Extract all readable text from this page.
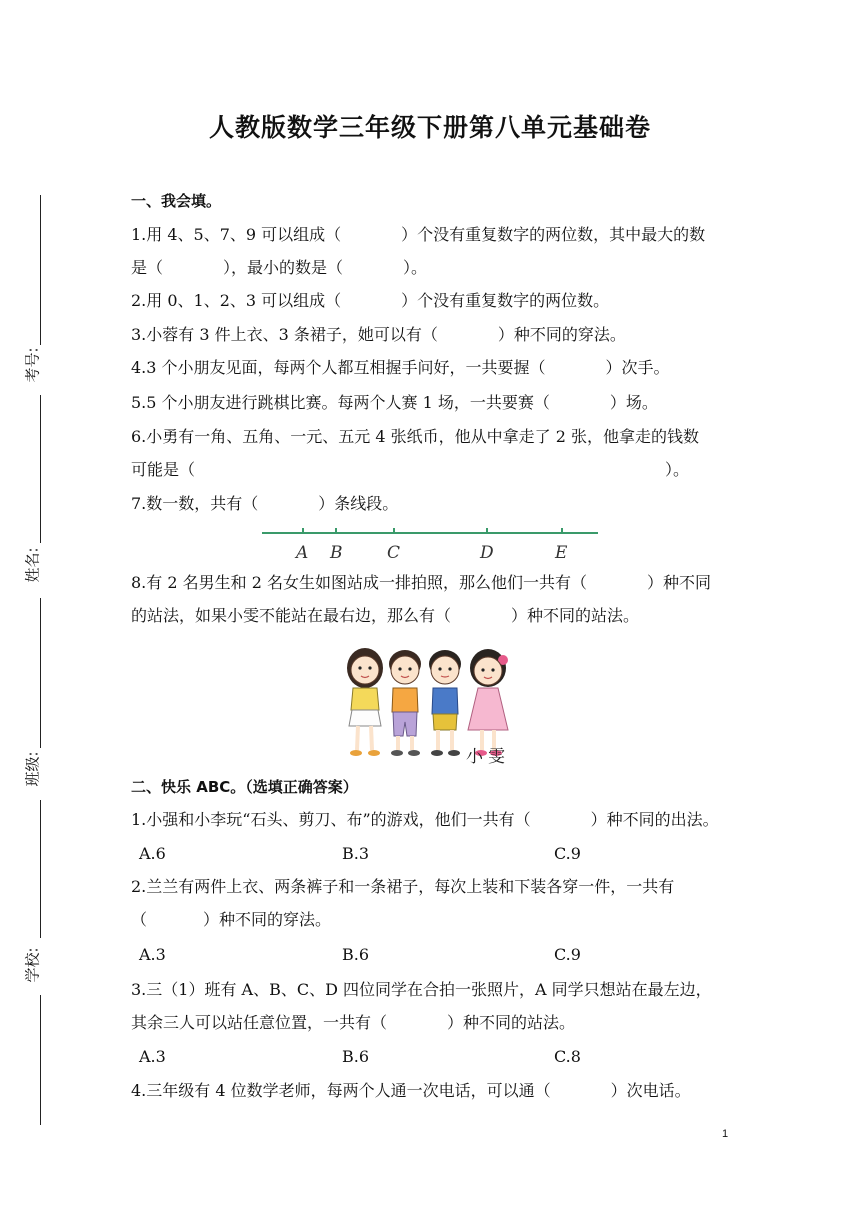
考号:
姓名:
班级:
学校:
人教版数学三年级下册第八单元基础卷
一、我会填。
1.用 4、5、7、9 可以组成（	）个没有重复数字的两位数，其中最大的数
是（	），最小的数是（	）。
2.用 0、1、2、3 可以组成（	）个没有重复数字的两位数。
3.小蓉有 3 件上衣、3 条裙子，她可以有（	）种不同的穿法。
4.3 个小朋友见面，每两个人都互相握手问好，一共要握（	）次手。
5.5 个小朋友进行跳棋比赛。每两个人赛 1 场，一共要赛（	）场。
6.小勇有一角、五角、一元、五元 4 张纸币，他从中拿走了 2 张，他拿走的钱数
可能是（	）。
7.数一数，共有（	）条线段。
A B	C	D	E
8.有 2 名男生和 2 名女生如图站成一排拍照，那么他们一共有（	）种不同
的站法，如果小雯不能站在最右边，那么有（	）种不同的站法。
小雯
二、快乐 ABC。（选填正确答案）
1.小强和小李玩“石头、剪刀、布”的游戏，他们一共有（	）种不同的出法。
A.6	B.3	C.9
2.兰兰有两件上衣、两条裤子和一条裙子，每次上装和下装各穿一件，一共有
（	）种不同的穿法。
A.3	B.6	C.9
3.三（1）班有 A、B、C、D 四位同学在合拍一张照片，A 同学只想站在最左边，
其余三人可以站任意位置，一共有（	）种不同的站法。
A.3	B.6	C.8
4.三年级有 4 位数学老师，每两个人通一次电话，可以通（	）次电话。
1
